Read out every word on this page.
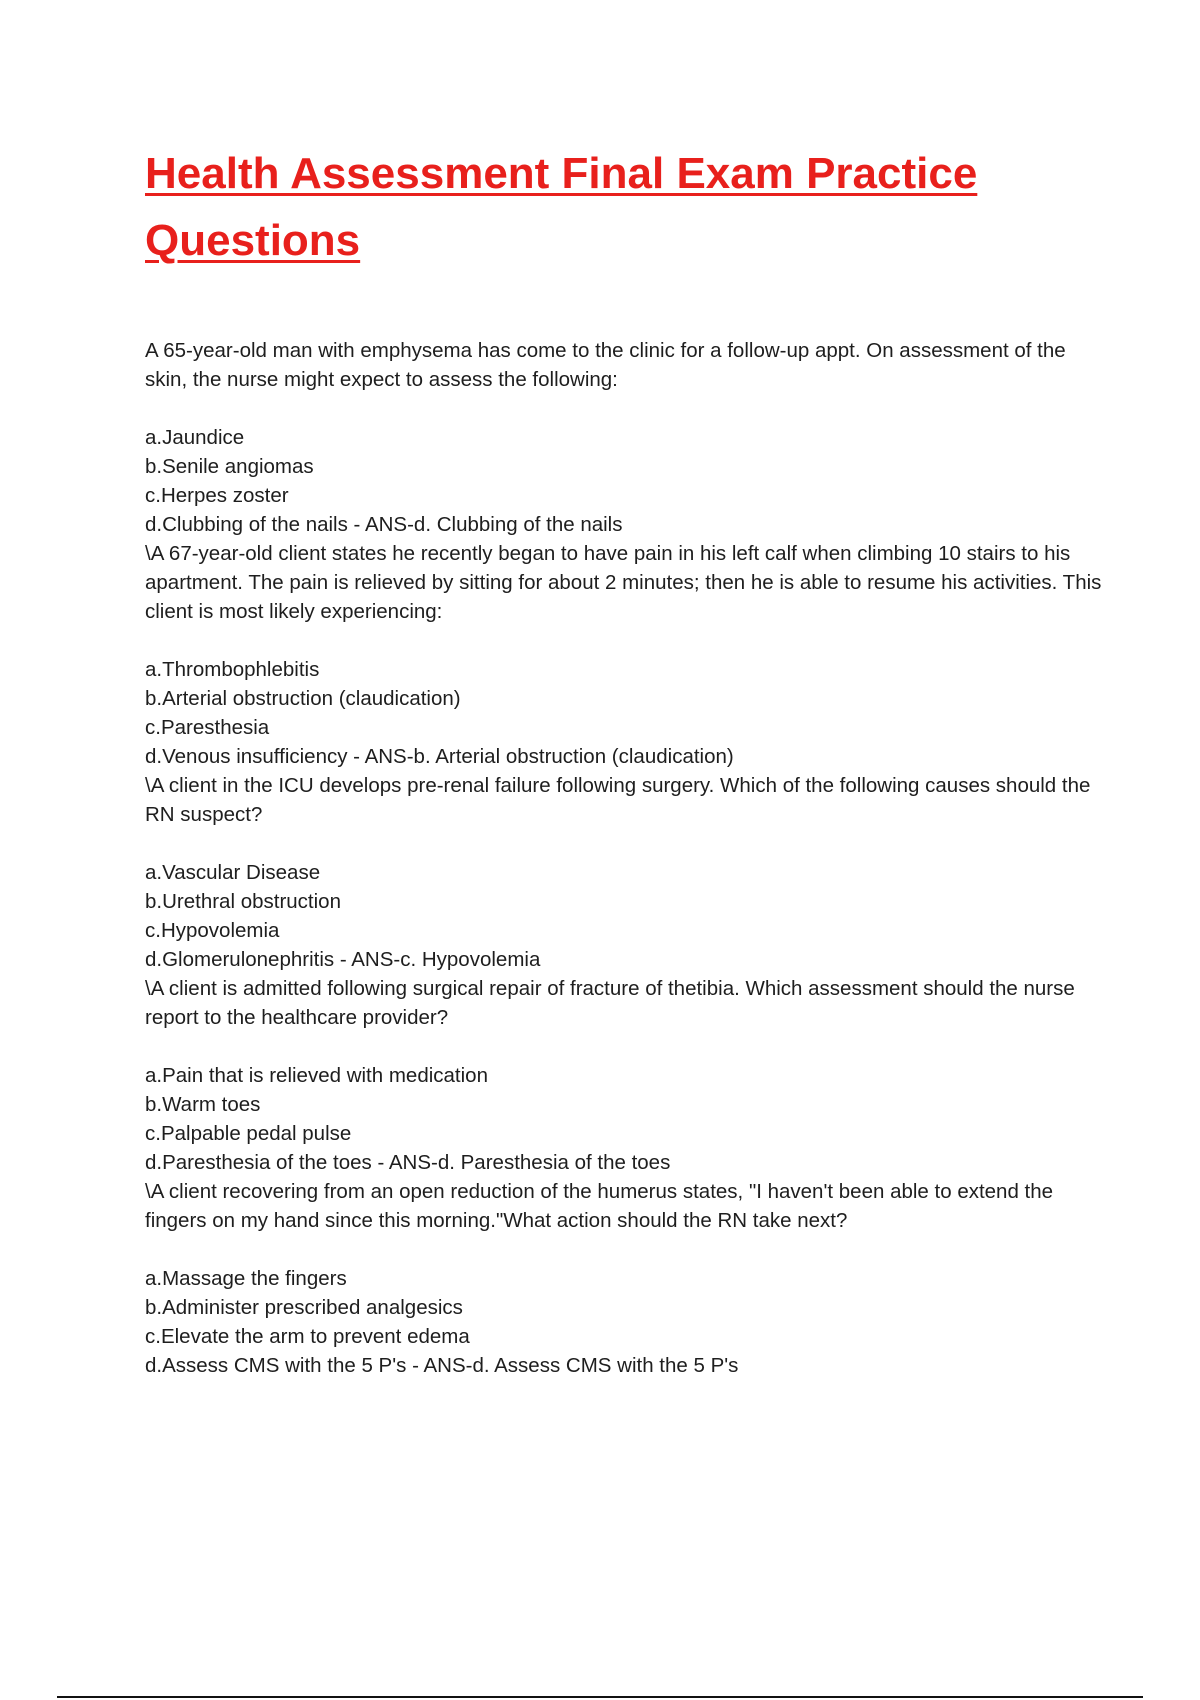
Health Assessment Final Exam Practice Questions

A 65-year-old man with emphysema has come to the clinic for a follow-up appt. On assessment of the skin, the nurse might expect to assess the following:

a.Jaundice
b.Senile angiomas
c.Herpes zoster
d.Clubbing of the nails - ANS-d. Clubbing of the nails

\A 67-year-old client states he recently began to have pain in his left calf when climbing 10 stairs to his apartment. The pain is relieved by sitting for about 2 minutes; then he is able to resume his activities. This client is most likely experiencing:

a.Thrombophlebitis
b.Arterial obstruction (claudication)
c.Paresthesia
d.Venous insufficiency - ANS-b. Arterial obstruction (claudication)

\A client in the ICU develops pre-renal failure following surgery. Which of the following causes should the RN suspect?

a.Vascular Disease
b.Urethral obstruction
c.Hypovolemia
d.Glomerulonephritis - ANS-c. Hypovolemia

\A client is admitted following surgical repair of fracture of thetibia. Which assessment should the nurse report to the healthcare provider?

a.Pain that is relieved with medication
b.Warm toes
c.Palpable pedal pulse
d.Paresthesia of the toes - ANS-d. Paresthesia of the toes

\A client recovering from an open reduction of the humerus states, "I haven't been able to extend the fingers on my hand since this morning."What action should the RN take next?

a.Massage the fingers
b.Administer prescribed analgesics
c.Elevate the arm to prevent edema
d.Assess CMS with the 5 P's - ANS-d. Assess CMS with the 5 P's
